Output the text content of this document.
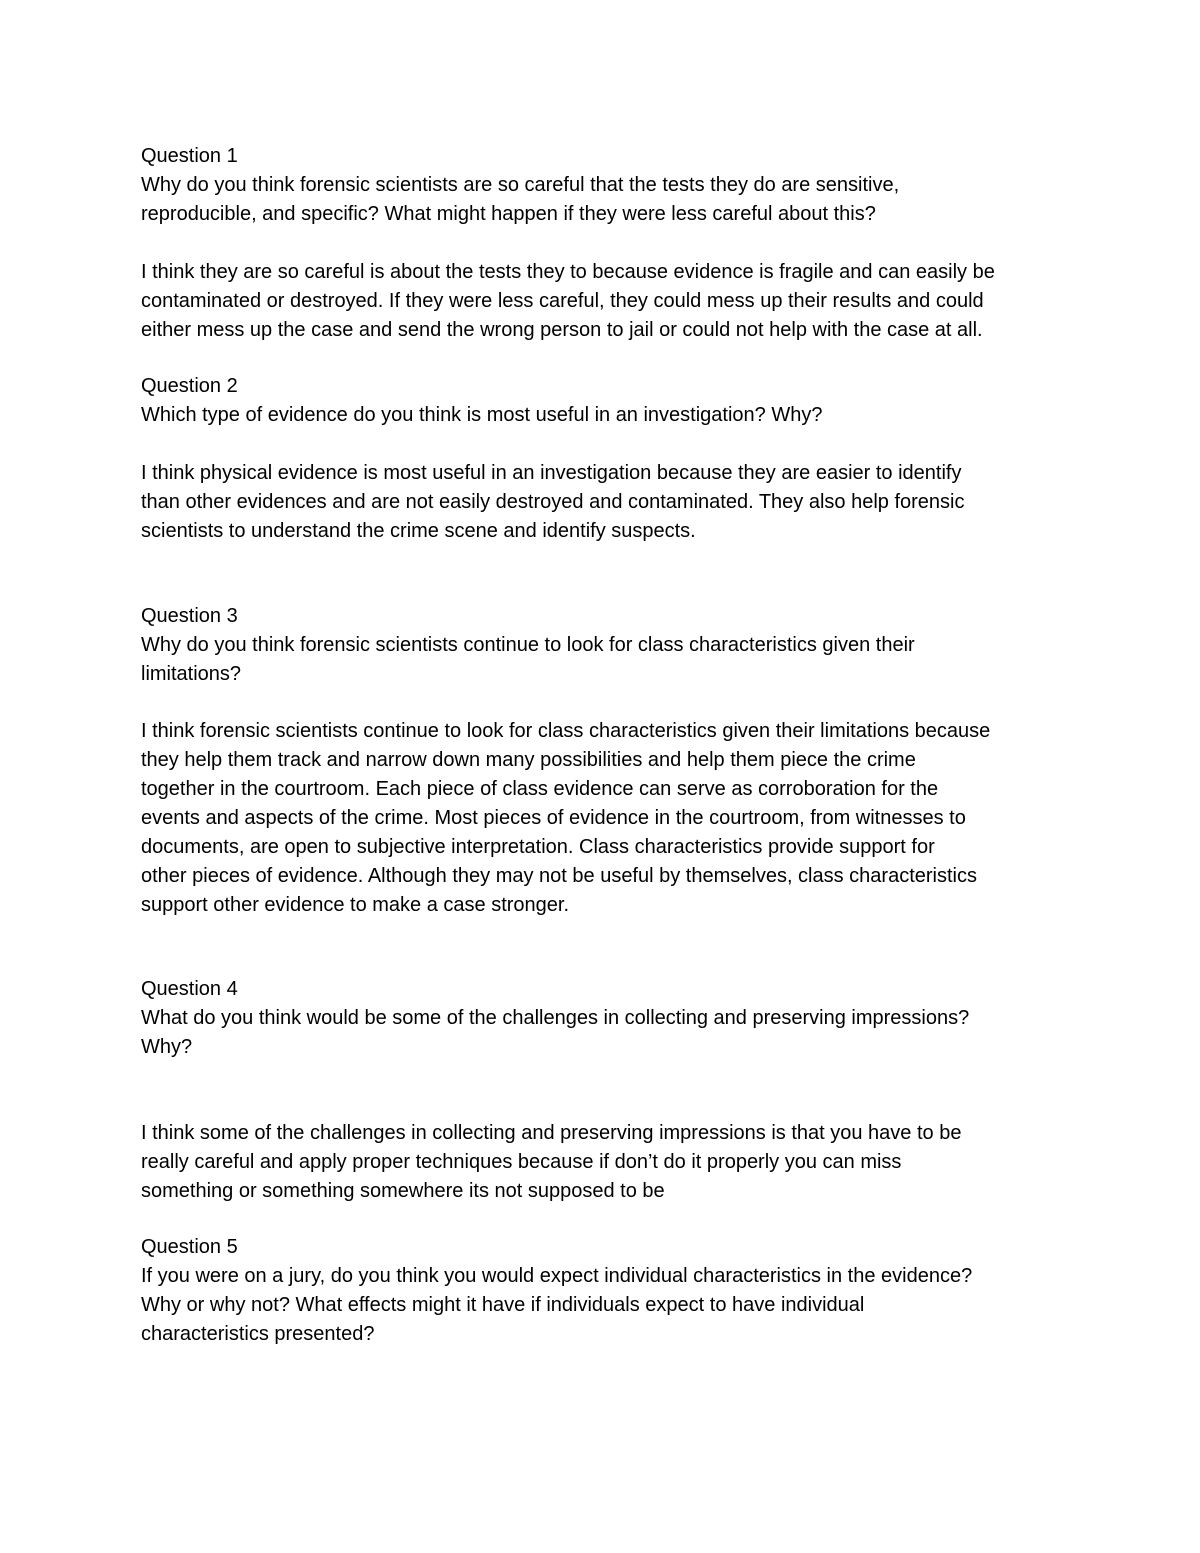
Question 1
Why do you think forensic scientists are so careful that the tests they do are sensitive,
reproducible, and specific? What might happen if they were less careful about this?
I think they are so careful is about the tests they to because evidence is fragile and can easily be
contaminated or destroyed. If they were less careful, they could mess up their results and could
either mess up the case and send the wrong person to jail or could not help with the case at all.
Question 2
Which type of evidence do you think is most useful in an investigation? Why?
I think physical evidence is most useful in an investigation because they are easier to identify
than other evidences and are not easily destroyed and contaminated. They also help forensic
scientists to understand the crime scene and identify suspects.
Question 3
Why do you think forensic scientists continue to look for class characteristics given their
limitations?
I think forensic scientists continue to look for class characteristics given their limitations because
they help them track and narrow down many possibilities and help them piece the crime
together in the courtroom. Each piece of class evidence can serve as corroboration for the
events and aspects of the crime. Most pieces of evidence in the courtroom, from witnesses to
documents, are open to subjective interpretation. Class characteristics provide support for
other pieces of evidence. Although they may not be useful by themselves, class characteristics
support other evidence to make a case stronger.
Question 4
What do you think would be some of the challenges in collecting and preserving impressions?
Why?
I think some of the challenges in collecting and preserving impressions is that you have to be
really careful and apply proper techniques because if don’t do it properly you can miss
something or something somewhere its not supposed to be
Question 5
If you were on a jury, do you think you would expect individual characteristics in the evidence?
Why or why not? What effects might it have if individuals expect to have individual
characteristics presented?
